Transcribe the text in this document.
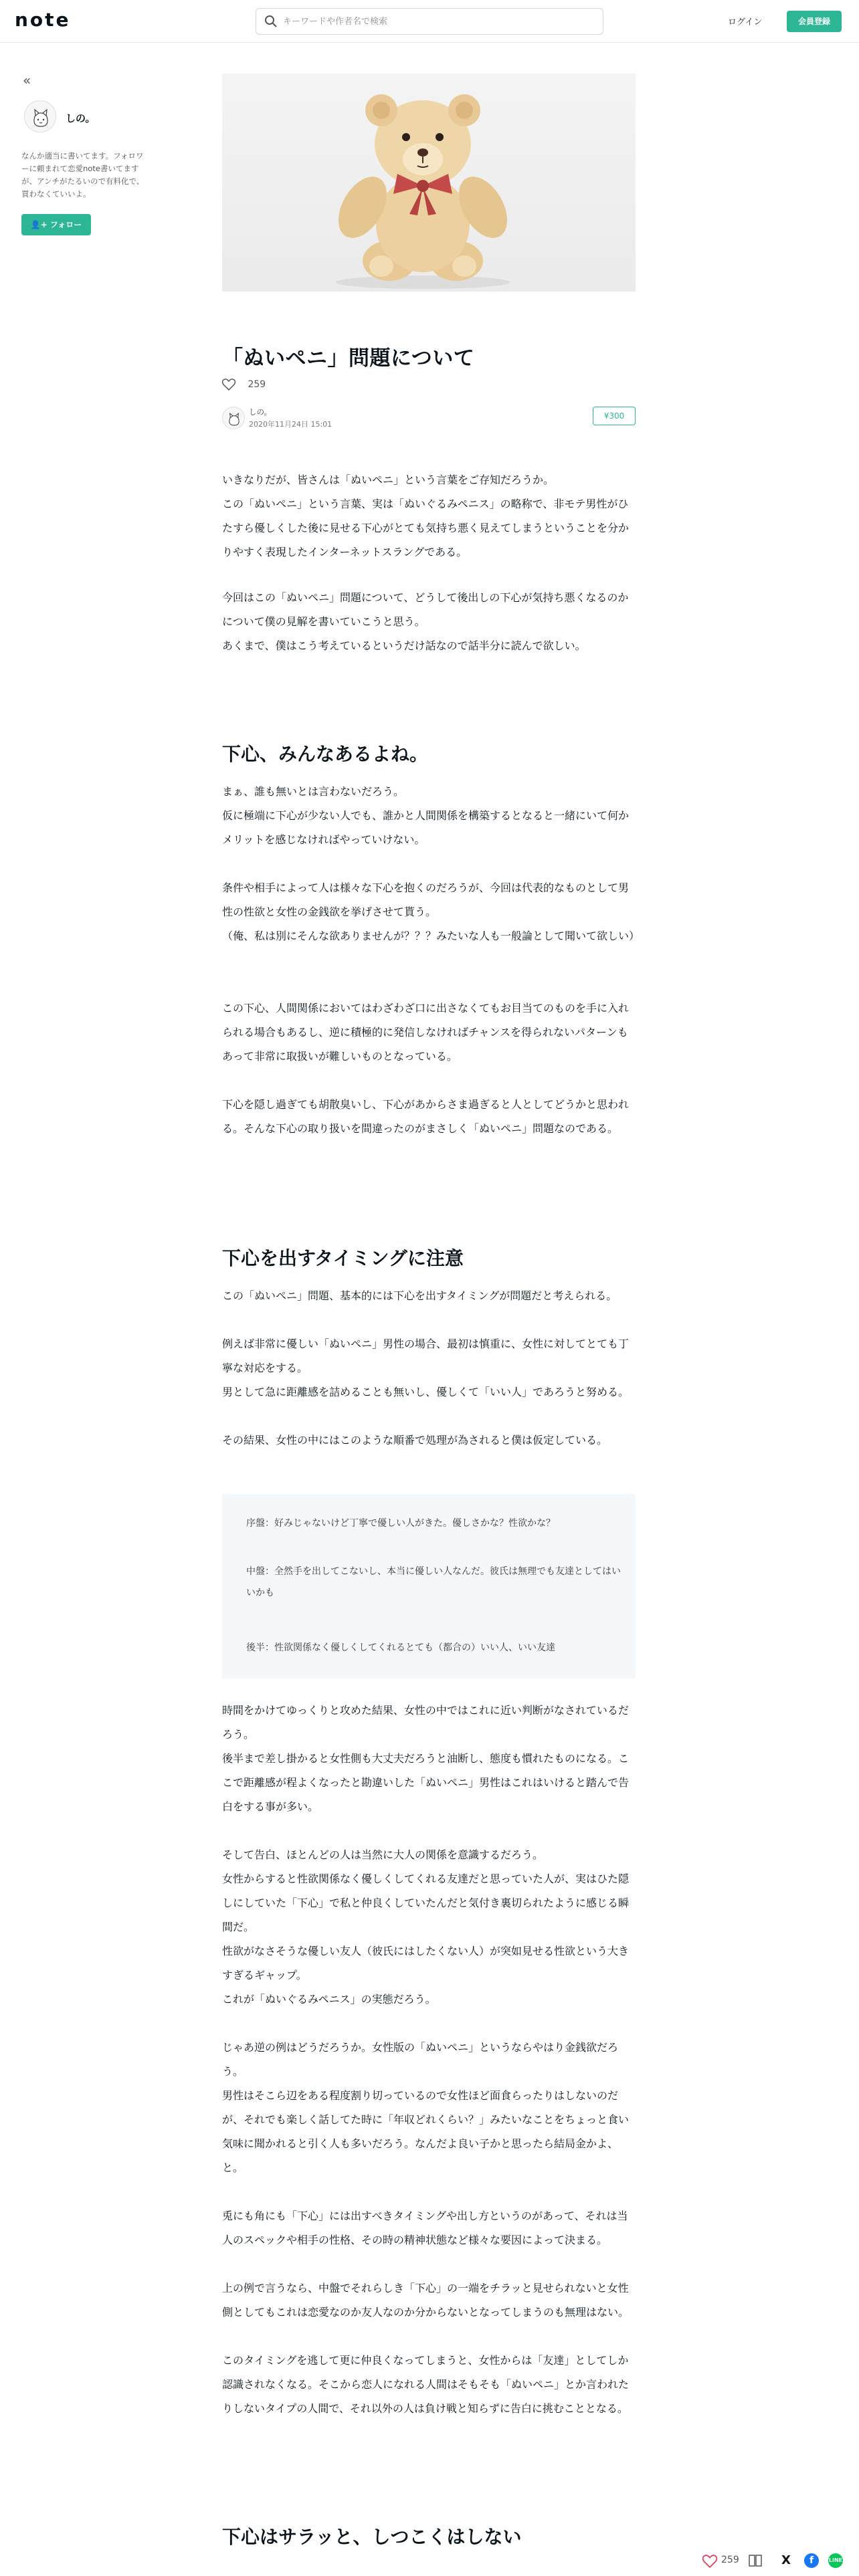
note
キーワードや作者名で検索	ログイン	会員登録
«
しの。
なんか適当に書いてます。フォロワーに頼まれて恋愛note書いてますが、アンチがたるいので有料化で、買わなくていいよ。
👤+ フォロー
「ぬいペニ」問題について
259
しの。
2020年11月24日 15:01
¥300

いきなりだが、皆さんは「ぬいペニ」という言葉をご存知だろうか。

この「ぬいペニ」という言葉、実は「ぬいぐるみペニス」の略称で、非モテ男性がひたすら優しくした後に見せる下心がとても気持ち悪く見えてしまうということを分かりやすく表現したインターネットスラングである。

今回はこの「ぬいペニ」問題について、どうして後出しの下心が気持ち悪くなるのかについて僕の見解を書いていこうと思う。

あくまで、僕はこう考えているというだけ話なので話半分に読んで欲しい。

下心、みんなあるよね。

まぁ、誰も無いとは言わないだろう。

仮に極端に下心が少ない人でも、誰かと人間関係を構築するとなると一緒にいて何かメリットを感じなければやっていけない。

条件や相手によって人は様々な下心を抱くのだろうが、今回は代表的なものとして男性の性欲と女性の金銭欲を挙げさせて貰う。

（俺、私は別にそんな欲ありませんが？？？みたいな人も一般論として聞いて欲しい）

この下心、人間関係においてはわざわざ口に出さなくてもお目当てのものを手に入れられる場合もあるし、逆に積極的に発信しなければチャンスを得られないパターンもあって非常に取扱いが難しいものとなっている。

下心を隠し過ぎても胡散臭いし、下心があからさま過ぎると人としてどうかと思われる。そんな下心の取り扱いを間違ったのがまさしく「ぬいペニ」問題なのである。

下心を出すタイミングに注意

この「ぬいペニ」問題、基本的には下心を出すタイミングが問題だと考えられる。

例えば非常に優しい「ぬいペニ」男性の場合、最初は慎重に、女性に対してとても丁寧な対応をする。

男として急に距離感を詰めることも無いし、優しくて「いい人」であろうと努める。

その結果、女性の中にはこのような順番で処理が為されると僕は仮定している。

序盤：好みじゃないけど丁寧で優しい人がきた。優しさかな？性欲かな？
中盤：全然手を出してこないし、本当に優しい人なんだ。彼氏は無理でも友達としてはいいかも
後半：性欲関係なく優しくしてくれるとても（都合の）いい人、いい友達

時間をかけてゆっくりと攻めた結果、女性の中ではこれに近い判断がなされているだろう。

後半まで差し掛かると女性側も大丈夫だろうと油断し、態度も慣れたものになる。ここで距離感が程よくなったと勘違いした「ぬいペニ」男性はこれはいけると踏んで告白をする事が多い。

そして告白、ほとんどの人は当然に大人の関係を意識するだろう。

女性からすると性欲関係なく優しくしてくれる友達だと思っていた人が、実はひた隠しにしていた「下心」で私と仲良くしていたんだと気付き裏切られたように感じる瞬間だ。

性欲がなさそうな優しい友人（彼氏にはしたくない人）が突如見せる性欲という大きすぎるギャップ。

これが「ぬいぐるみペニス」の実態だろう。

じゃあ逆の例はどうだろうか。女性版の「ぬいペニ」というならやはり金銭欲だろう。

男性はそこら辺をある程度割り切っているので女性ほど面食らったりはしないのだが、それでも楽しく話してた時に「年収どれくらい？」みたいなことをちょっと食い気味に聞かれると引く人も多いだろう。なんだよ良い子かと思ったら結局金かよ、と。

兎にも角にも「下心」には出すべきタイミングや出し方というのがあって、それは当人のスペックや相手の性格、その時の精神状態など様々な要因によって決まる。

上の例で言うなら、中盤でそれらしき「下心」の一端をチラッと見せられないと女性側としてもこれは恋愛なのか友人なのか分からないとなってしまうのも無理はない。

このタイミングを逃して更に仲良くなってしまうと、女性からは「友達」としてしか認識されなくなる。そこから恋人になれる人間はそもそも「ぬいペニ」とか言われたりしないタイプの人間で、それ以外の人は負け戦と知らずに告白に挑むこととなる。

下心はサラッと、しつこくはしない
259	X	f	LINE
